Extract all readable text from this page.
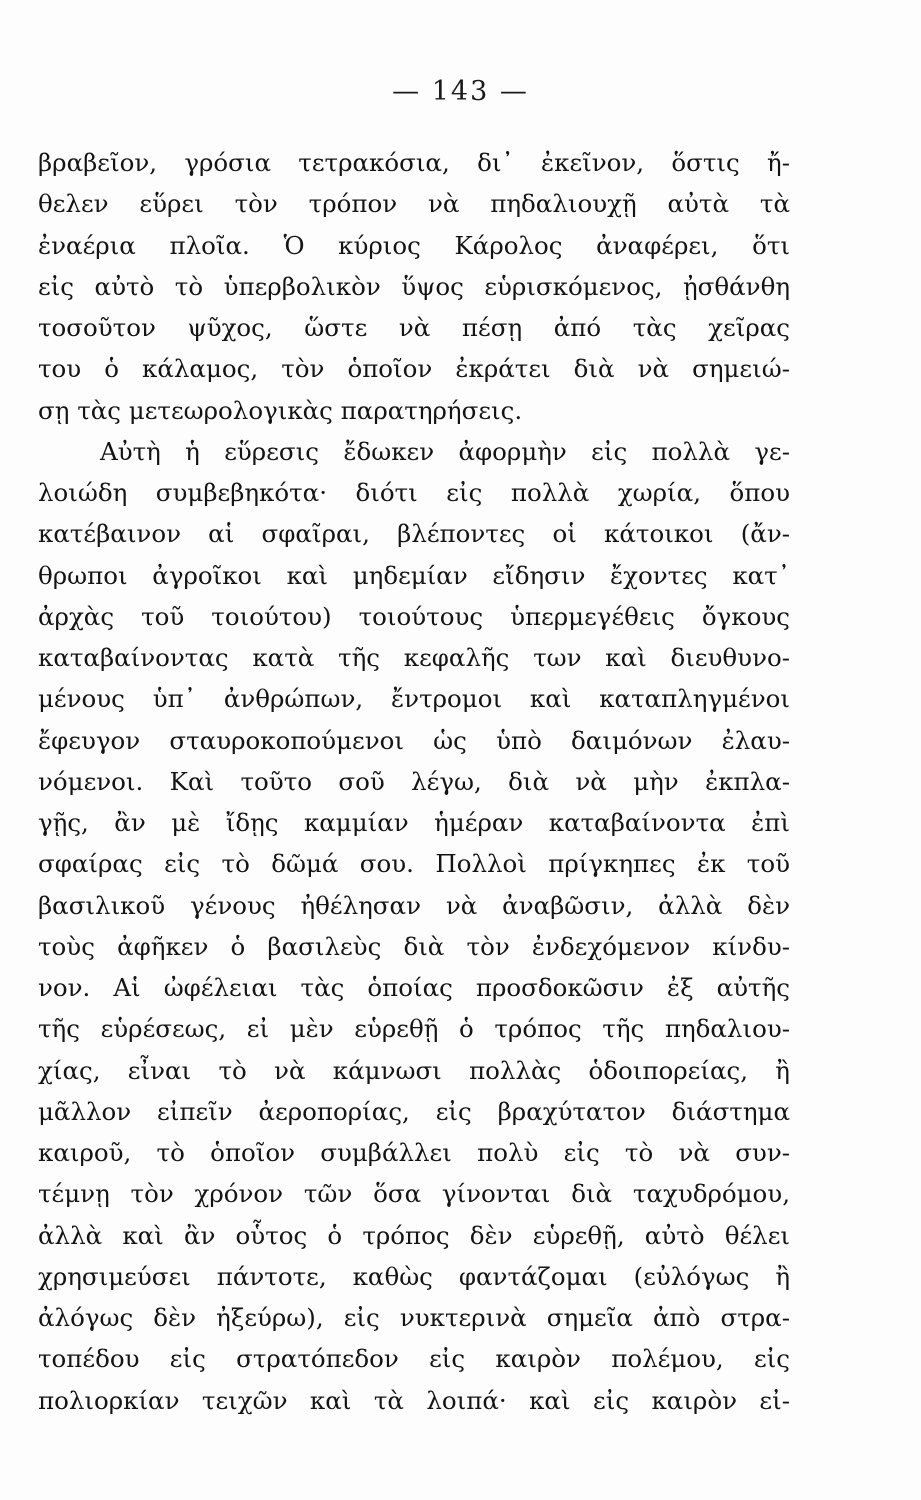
— 143 —
βραβεῖον, γρόσια τετρακόσια, δι᾿ ἐκεῖνον, ὅστις ἤ-
θελεν εὕρει τὸν τρόπον νὰ πηδαλιουχῇ αὐτὰ τὰ
ἐναέρια πλοῖα. Ὁ κύριος Κάρολος ἀναφέρει, ὅτι
εἰς αὐτὸ τὸ ὑπερβολικὸν ὕψος εὑρισκόμενος, ᾐσθάνθη
τοσοῦτον ψῦχος, ὥστε νὰ πέσῃ ἀπό τὰς χεῖρας
του ὁ κάλαμος, τὸν ὁποῖον ἐκράτει διὰ νὰ σημειώ-
σῃ τὰς μετεωρολογικὰς παρατηρήσεις.
Αὐτὴ ἡ εὕρεσις ἔδωκεν ἀφορμὴν εἰς πολλὰ γε-
λοιώδη συμβεβηκότα· διότι εἰς πολλὰ χωρία, ὅπου
κατέβαινον αἱ σφαῖραι, βλέποντες οἱ κάτοικοι (ἄν-
θρωποι ἀγροῖκοι καὶ μηδεμίαν εἴδησιν ἔχοντες κατ᾿
ἀρχὰς τοῦ τοιούτου) τοιούτους ὑπερμεγέθεις ὄγκους
καταβαίνοντας κατὰ τῆς κεφαλῆς των καὶ διευθυνο-
μένους ὑπ᾿ ἀνθρώπων, ἔντρομοι καὶ καταπληγμένοι
ἔφευγον σταυροκοπούμενοι ὡς ὑπὸ δαιμόνων ἐλαυ-
νόμενοι. Καὶ τοῦτο σοῦ λέγω, διὰ νὰ μὴν ἐκπλα-
γῇς, ἂν μὲ ἴδῃς καμμίαν ἡμέραν καταβαίνοντα ἐπὶ
σφαίρας εἰς τὸ δῶμά σου. Πολλοὶ πρίγκηπες ἐκ τοῦ
βασιλικοῦ γένους ἠθέλησαν νὰ ἀναβῶσιν, ἀλλὰ δὲν
τοὺς ἀφῆκεν ὁ βασιλεὺς διὰ τὸν ἐνδεχόμενον κίνδυ-
νον. Αἱ ὠφέλειαι τὰς ὁποίας προσδοκῶσιν ἐξ αὐτῆς
τῆς εὑρέσεως, εἰ μὲν εὑρεθῇ ὁ τρόπος τῆς πηδαλιου-
χίας, εἶναι τὸ νὰ κάμνωσι πολλὰς ὁδοιπορείας, ἢ
μᾶλλον εἰπεῖν ἀεροπορίας, εἰς βραχύτατον διάστημα
καιροῦ, τὸ ὁποῖον συμβάλλει πολὺ εἰς τὸ νὰ συν-
τέμνῃ τὸν χρόνον τῶν ὅσα γίνονται διὰ ταχυδρόμου,
ἀλλὰ καὶ ἂν οὗτος ὁ τρόπος δὲν εὑρεθῇ, αὐτὸ θέλει
χρησιμεύσει πάντοτε, καθὼς φαντάζομαι (εὐλόγως ἢ
ἀλόγως δὲν ἠξεύρω), εἰς νυκτερινὰ σημεῖα ἀπὸ στρα-
τοπέδου εἰς στρατόπεδον εἰς καιρὸν πολέμου, εἰς
πολιορκίαν τειχῶν καὶ τὰ λοιπά· καὶ εἰς καιρὸν εἰ-
